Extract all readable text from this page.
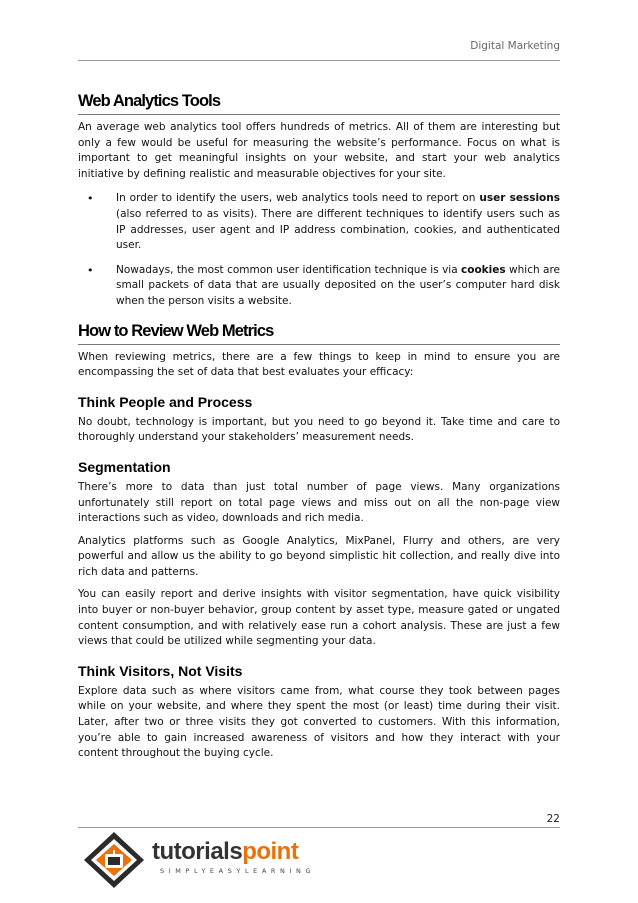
Digital Marketing
Web Analytics Tools

An average web analytics tool offers hundreds of metrics. All of them are interesting but only a few would be useful for measuring the website’s performance. Focus on what is important to get meaningful insights on your website, and start your web analytics initiative by defining realistic and measurable objectives for your site.

• In order to identify the users, web analytics tools need to report on user sessions (also referred to as visits). There are different techniques to identify users such as IP addresses, user agent and IP address combination, cookies, and authenticated user.

• Nowadays, the most common user identification technique is via cookies which are small packets of data that are usually deposited on the user’s computer hard disk when the person visits a website.

How to Review Web Metrics

When reviewing metrics, there are a few things to keep in mind to ensure you are encompassing the set of data that best evaluates your efficacy:

Think People and Process

No doubt, technology is important, but you need to go beyond it. Take time and care to thoroughly understand your stakeholders’ measurement needs.

Segmentation

There’s more to data than just total number of page views. Many organizations unfortunately still report on total page views and miss out on all the non-page view interactions such as video, downloads and rich media.

Analytics platforms such as Google Analytics, MixPanel, Flurry and others, are very powerful and allow us the ability to go beyond simplistic hit collection, and really dive into rich data and patterns.

You can easily report and derive insights with visitor segmentation, have quick visibility into buyer or non-buyer behavior, group content by asset type, measure gated or ungated content consumption, and with relatively ease run a cohort analysis. These are just a few views that could be utilized while segmenting your data.

Think Visitors, Not Visits

Explore data such as where visitors came from, what course they took between pages while on your website, and where they spent the most (or least) time during their visit. Later, after two or three visits they got converted to customers. With this information, you’re able to gain increased awareness of visitors and how they interact with your content throughout the buying cycle.

22
tutorialspoint
SIMPLYEASYLEARNING
